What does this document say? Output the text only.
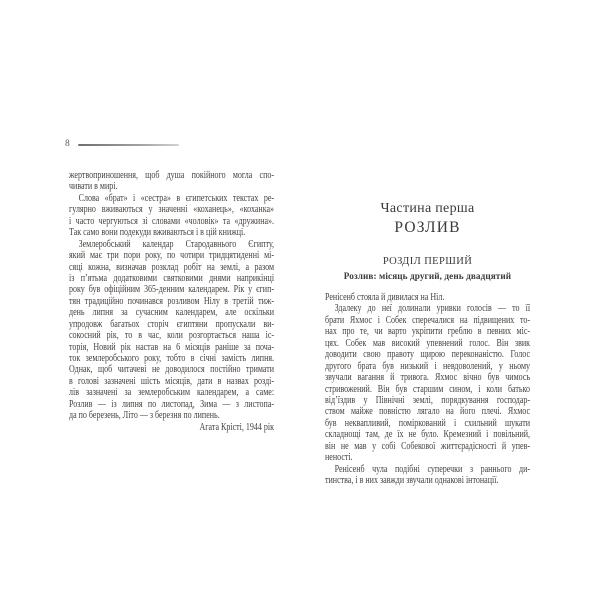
8
жертвоприношення, щоб душа покійного могла спо-
чивати в мирі.
Слова «брат» і «сестра» в єгипетських текстах ре-
гулярно вживаються у значенні «коханець», «коханка»
і часто чергуються зі словами «чоловік» та «дружина».
Так само вони подекуди вживаються і в цій книжці.
Землеробський календар Стародавнього Єгипту,
який має три пори року, по чотири тридцятиденні мі-
сяці кожна, визначав розклад робіт на землі, а разом
із п’ятьма додатковими святковими днями наприкінці
року був офіційним 365-денним календарем. Рік у єгип-
тян традиційно починався розливом Нілу в третій тиж-
день липня за сучасним календарем, але оскільки
упродовж багатьох сторіч єгиптяни пропускали ви-
сокосний рік, то в час, коли розгортається наша іс-
торія, Новий рік настав на 6 місяців раніше за поча-
ток землеробського року, тобто в січні замість липня.
Однак, щоб читачеві не доводилося постійно тримати
в голові зазначені шість місяців, дати в назвах розді-
лів зазначені за землеробським календарем, а саме:
Розлив — із липня по листопад, Зима — з листопа-
да по березень, Літо — з березня по липень.
Агата Крісті, 1944 рік
Частина перша
РОЗЛИВ
РОЗДІЛ ПЕРШИЙ
Розлив: місяць другий, день двадцятий
Ренісенб стояла й дивилася на Ніл.
Здалеку до неї долинали уривки голосів — то її
брати Яхмос і Собек сперечалися на підвищених то-
нах про те, чи варто укріпити греблю в певних міс-
цях. Собек мав високий упевнений голос. Він звик
доводити свою правоту щирою переконаністю. Голос
другого брата був низький і невдоволений, у ньому
звучали вагання й тривога. Яхмос вічно був чимось
стривожений. Він був старшим сином, і коли батько
від’їздив у Північні землі, порядкування господар-
ством майже повністю лягало на його плечі. Яхмос
був неквапливий, поміркований і схильний шукати
складнощі там, де їх не було. Кремезний і повільний,
він не мав у собі Собекової життєрадісності й упев-
неності.
Ренісенб чула подібні суперечки з раннього ди-
тинства, і в них завжди звучали однакові інтонації.
